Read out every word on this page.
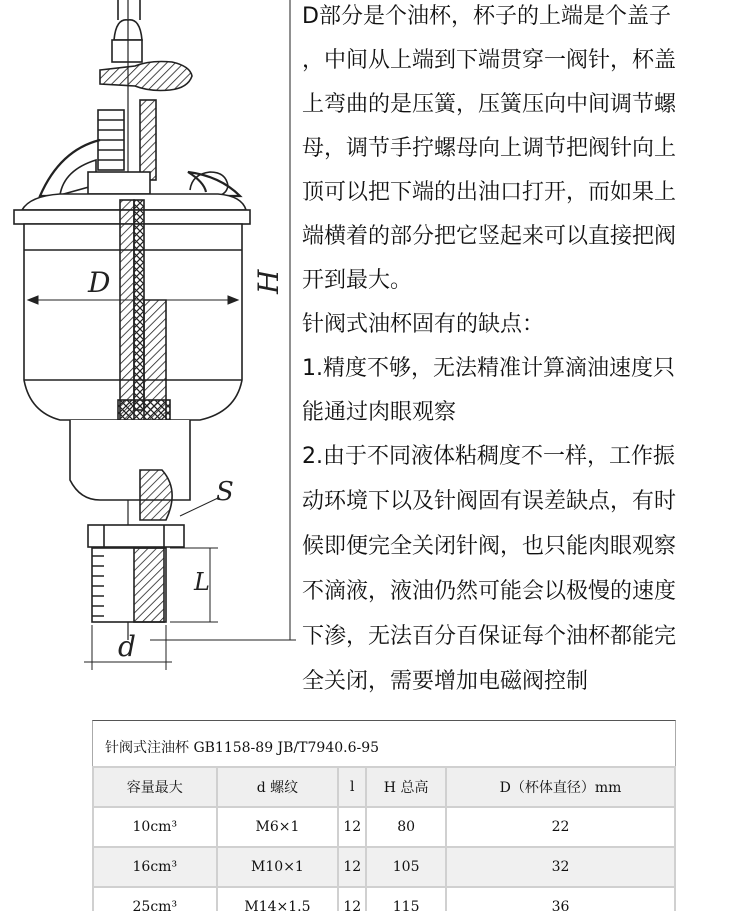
D	H
S
L
d
D部分是个油杯，杯子的上端是个盖子
，中间从上端到下端贯穿一阀针，杯盖
上弯曲的是压簧，压簧压向中间调节螺
母，调节手拧螺母向上调节把阀针向上
顶可以把下端的出油口打开，而如果上
端横着的部分把它竖起来可以直接把阀
开到最大。
针阀式油杯固有的缺点：
1.精度不够，无法精准计算滴油速度只
能通过肉眼观察
2.由于不同液体粘稠度不一样，工作振
动环境下以及针阀固有误差缺点，有时
候即便完全关闭针阀，也只能肉眼观察
不滴液，液油仍然可能会以极慢的速度
下渗，无法百分百保证每个油杯都能完
全关闭，需要增加电磁阀控制
针阀式注油杯 GB1158-89 JB/T7940.6-95
容量最大	d 螺纹	l	H 总高	D（杯体直径）mm
10cm³	M6×1	12	80	22
16cm³	M10×1	12	105	32
25cm³	M14×1.5	12	115	36
